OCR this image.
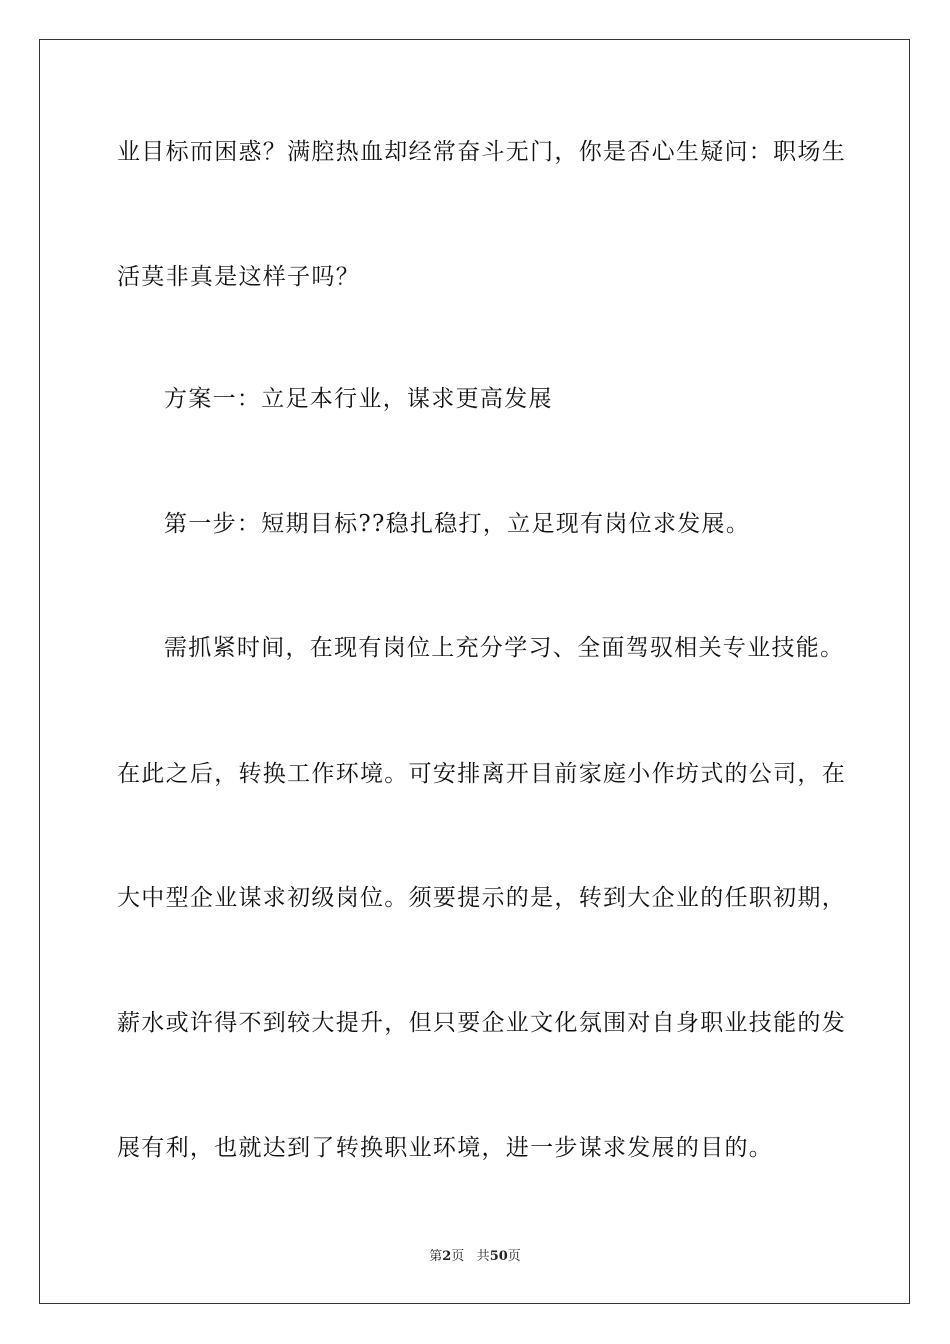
业目标而困惑？满腔热血却经常奋斗无门，你是否心生疑问：职场生
活莫非真是这样子吗？
方案一：立足本行业，谋求更高发展
第一步：短期目标??稳扎稳打，立足现有岗位求发展。
需抓紧时间，在现有岗位上充分学习、全面驾驭相关专业技能。
在此之后，转换工作环境。可安排离开目前家庭小作坊式的公司，在
大中型企业谋求初级岗位。须要提示的是，转到大企业的任职初期，
薪水或许得不到较大提升，但只要企业文化氛围对自身职业技能的发
展有利，也就达到了转换职业环境，进一步谋求发展的目的。
第2页 共50页
